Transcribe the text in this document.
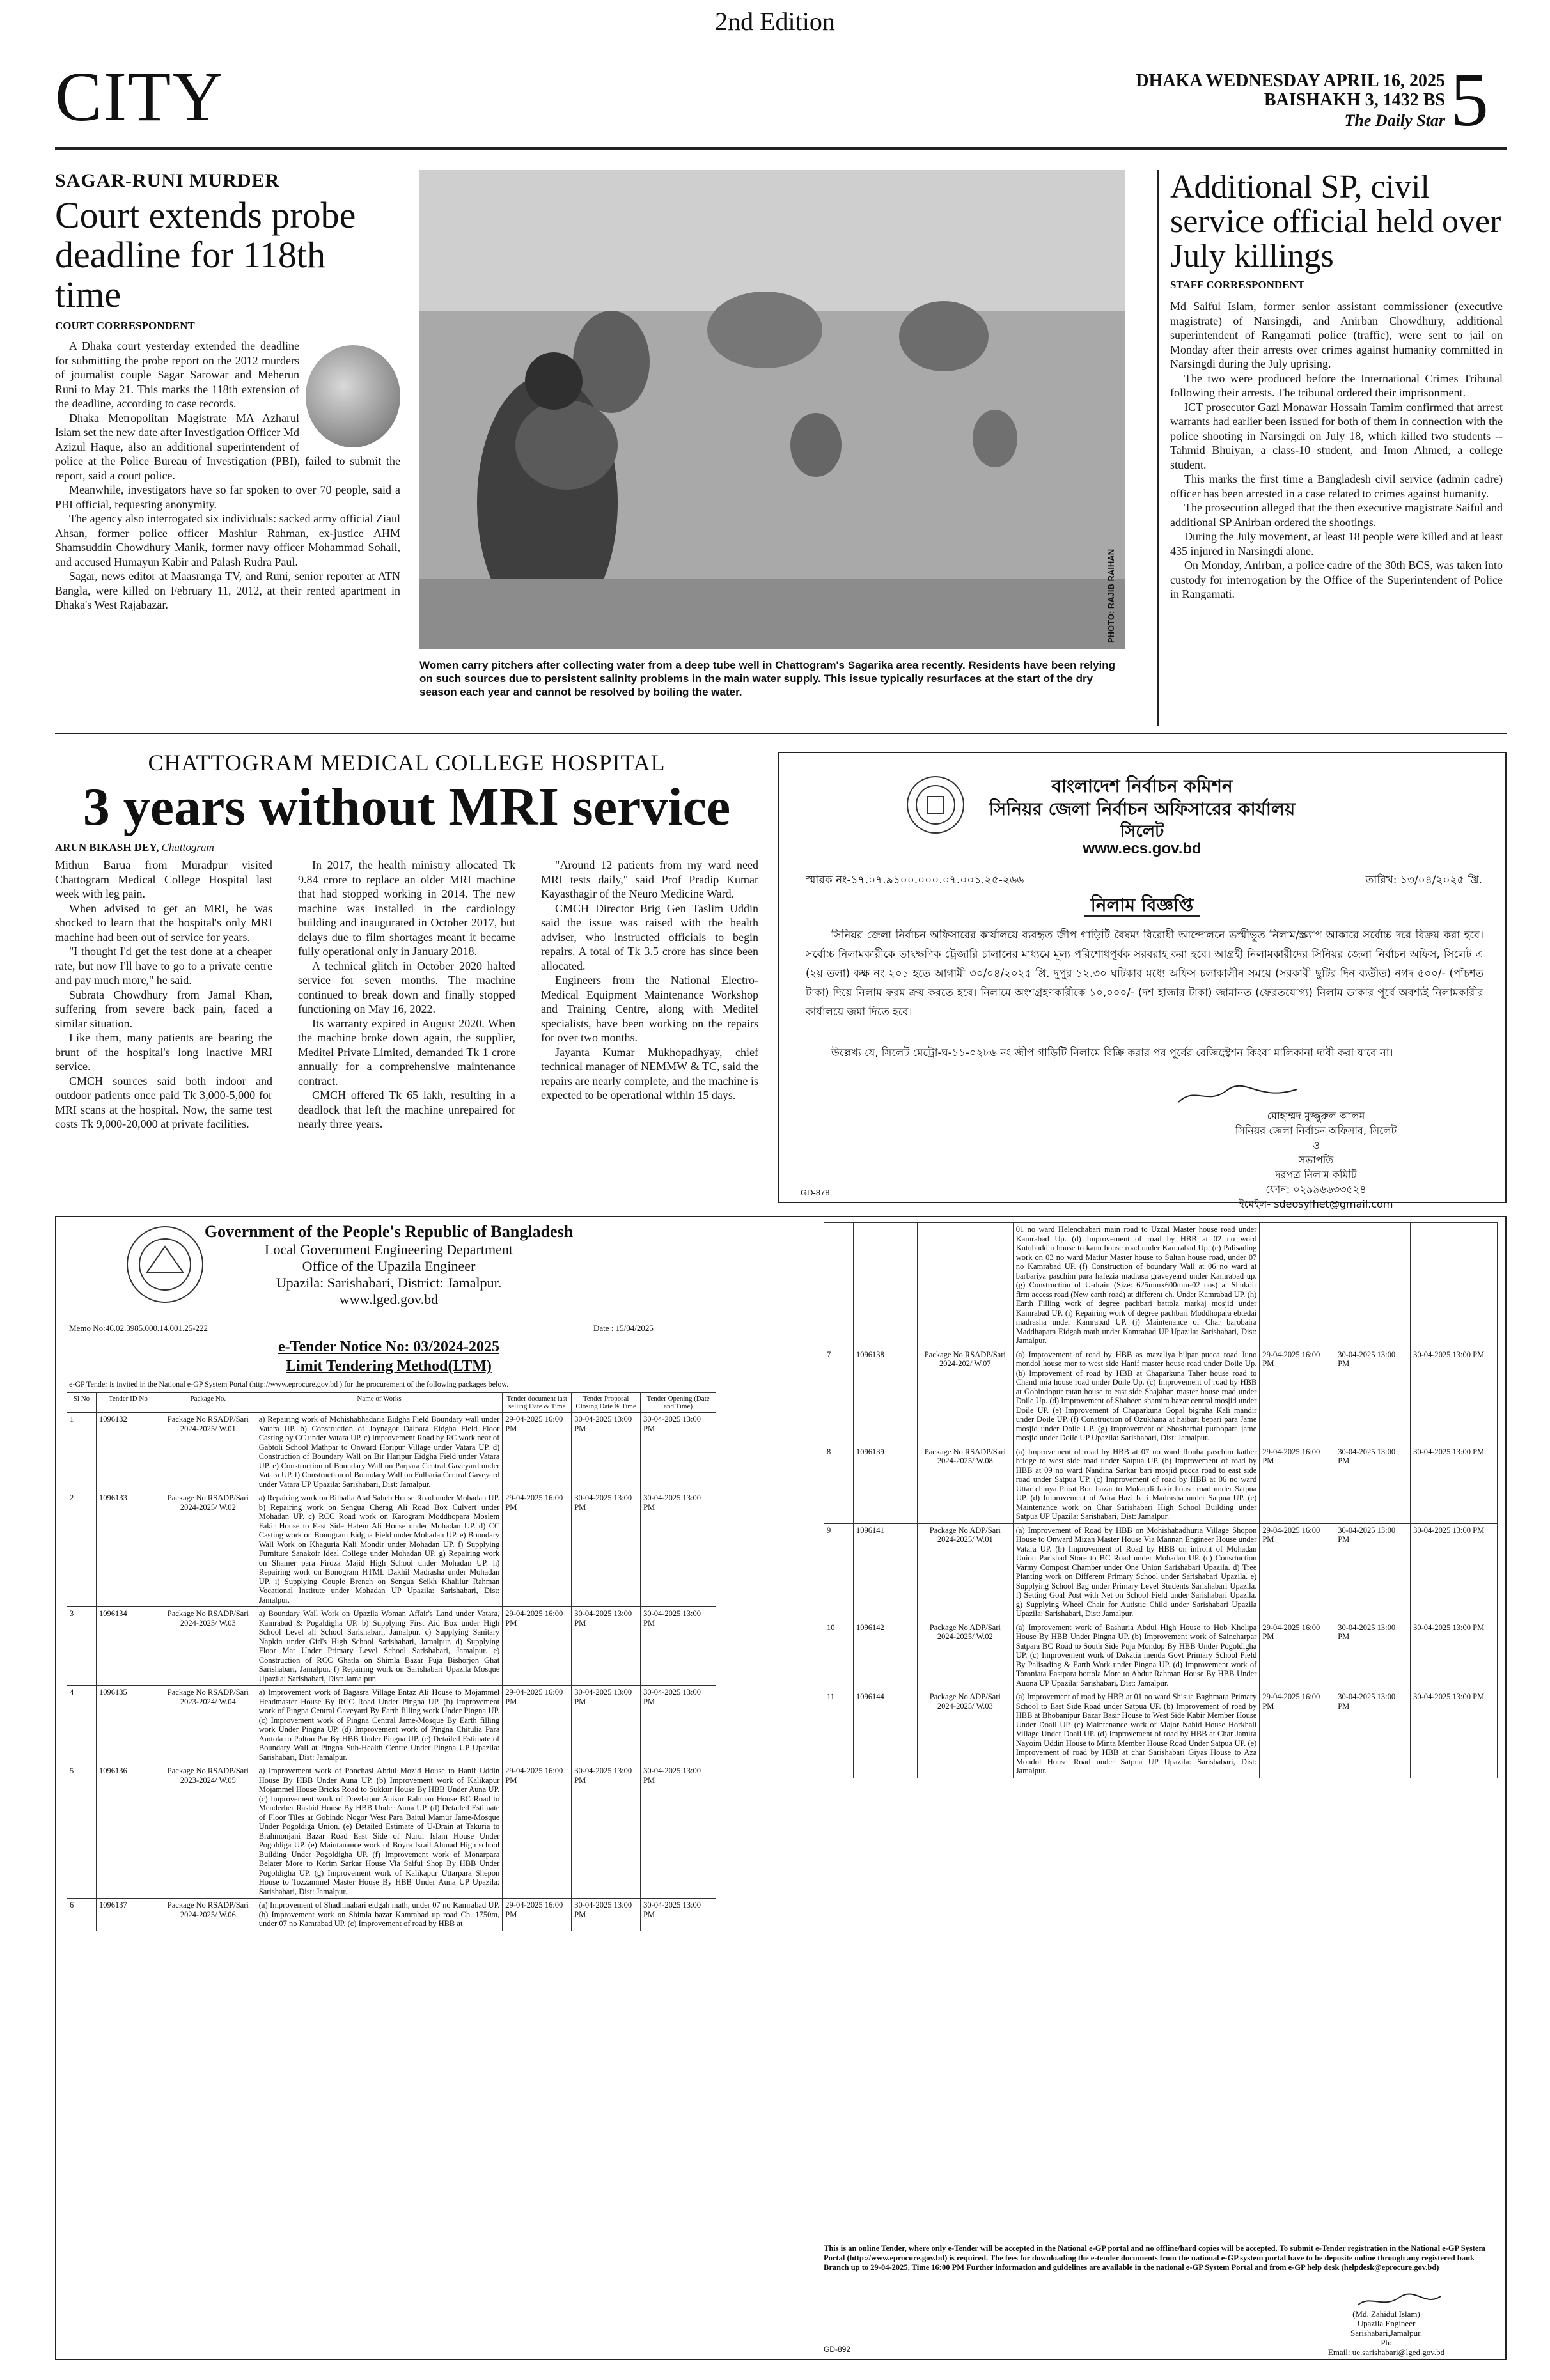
2nd Edition
CITY	DHAKA WEDNESDAY APRIL 16, 2025
BAISHAKH 3, 1432 BS
The Daily Star 5
SAGAR-RUNI MURDER
Court extends probe deadline for 118th time
COURT CORRESPONDENT

A Dhaka court yesterday extended the deadline for submitting the probe report on the 2012 murders of journalist couple Sagar Sarowar and Meherun Runi to May 21. This marks the 118th extension of the deadline, according to case records.

Dhaka Metropolitan Magistrate MA Azharul Islam set the new date after Investigation Officer Md Azizul Haque, also an additional superintendent of police at the Police Bureau of Investigation (PBI), failed to submit the report, said a court police.

Meanwhile, investigators have so far spoken to over 70 people, said a PBI official, requesting anonymity.

The agency also interrogated six individuals: sacked army official Ziaul Ahsan, former police officer Mashiur Rahman, ex-justice AHM Shamsuddin Chowdhury Manik, former navy officer Mohammad Sohail, and accused Humayun Kabir and Palash Rudra Paul.

Sagar, news editor at Maasranga TV, and Runi, senior reporter at ATN Bangla, were killed on February 11, 2012, at their rented apartment in Dhaka's West Rajabazar.	PHOTO: RAJIB RAIHAN
Women carry pitchers after collecting water from a deep tube well in Chattogram's Sagarika area recently. Residents have been relying on such sources due to persistent salinity problems in the main water supply. This issue typically resurfaces at the start of the dry season each year and cannot be resolved by boiling the water.
Additional SP, civil service official held over July killings
STAFF CORRESPONDENT

Md Saiful Islam, former senior assistant commissioner (executive magistrate) of Narsingdi, and Anirban Chowdhury, additional superintendent of Rangamati police (traffic), were sent to jail on Monday after their arrests over crimes against humanity committed in Narsingdi during the July uprising.

The two were produced before the International Crimes Tribunal following their arrests. The tribunal ordered their imprisonment.

ICT prosecutor Gazi Monawar Hossain Tamim confirmed that arrest warrants had earlier been issued for both of them in connection with the police shooting in Narsingdi on July 18, which killed two students -- Tahmid Bhuiyan, a class-10 student, and Imon Ahmed, a college student.

This marks the first time a Bangladesh civil service (admin cadre) officer has been arrested in a case related to crimes against humanity.

The prosecution alleged that the then executive magistrate Saiful and additional SP Anirban ordered the shootings.

During the July movement, at least 18 people were killed and at least 435 injured in Narsingdi alone.

On Monday, Anirban, a police cadre of the 30th BCS, was taken into custody for interrogation by the Office of the Superintendent of Police in Rangamati.

CHATTOGRAM MEDICAL COLLEGE HOSPITAL
3 years without MRI service
ARUN BIKASH DEY, Chattogram

Mithun Barua from Muradpur visited Chattogram Medical College Hospital last week with leg pain.

When advised to get an MRI, he was shocked to learn that the hospital's only MRI machine had been out of service for years.

"I thought I'd get the test done at a cheaper rate, but now I'll have to go to a private centre and pay much more," he said.

Subrata Chowdhury from Jamal Khan, suffering from severe back pain, faced a similar situation.

Like them, many patients are bearing the brunt of the hospital's long inactive MRI service.

CMCH sources said both indoor and outdoor patients once paid Tk 3,000-5,000 for MRI scans at the hospital. Now, the same test costs Tk 9,000-20,000 at private facilities.

In 2017, the health ministry allocated Tk 9.84 crore to replace an older MRI machine that had stopped working in 2014. The new machine was installed in the cardiology building and inaugurated in October 2017, but delays due to film shortages meant it became fully operational only in January 2018.

A technical glitch in October 2020 halted service for seven months. The machine continued to break down and finally stopped functioning on May 16, 2022.

Its warranty expired in August 2020. When the machine broke down again, the supplier, Meditel Private Limited, demanded Tk 1 crore annually for a comprehensive maintenance contract.

CMCH offered Tk 65 lakh, resulting in a deadlock that left the machine unrepaired for nearly three years.

"Around 12 patients from my ward need MRI tests daily," said Prof Pradip Kumar Kayasthagir of the Neuro Medicine Ward.

CMCH Director Brig Gen Taslim Uddin said the issue was raised with the health adviser, who instructed officials to begin repairs. A total of Tk 3.5 crore has since been allocated.

Engineers from the National Electro-Medical Equipment Maintenance Workshop and Training Centre, along with Meditel specialists, have been working on the repairs for over two months.

Jayanta Kumar Mukhopadhyay, chief technical manager of NEMMW & TC, said the repairs are nearly complete, and the machine is expected to be operational within 15 days.

বাংলাদেশ নির্বাচন কমিশন
সিনিয়র জেলা নির্বাচন অফিসারের কার্যালয়
সিলেট
www.ecs.gov.bd
স্মারক নং-১৭.০৭.৯১০০.০০০.০৭.০০১.২৫-২৬৬	তারিখ: ১৩/০৪/২০২৫ খ্রি.
নিলাম বিজ্ঞপ্তি
সিনিয়র জেলা নির্বাচন অফিসারের কার্যালয়ে ব্যবহৃত জীপ গাড়িটি বৈষম্য বিরোধী আন্দোলনে ভস্মীভূত নিলাম/স্ক্র্যাপ আকারে সর্বোচ্চ দরে বিক্রয় করা হবে। সর্বোচ্চ নিলামকারীকে তাৎক্ষণিক ট্রেজারি চালানের মাধ্যমে মূল্য পরিশোধপূর্বক সরবরাহ করা হবে। আগ্রহী নিলামকারীদের সিনিয়র জেলা নির্বাচন অফিস, সিলেট এ (২য় তলা) কক্ষ নং ২০১ হতে আগামী ৩০/০৪/২০২৫ খ্রি. দুপুর ১২.৩০ ঘটিকার মধ্যে অফিস চলাকালীন সময়ে (সরকারী ছুটির দিন ব্যতীত) নগদ ৫০০/- (পাঁচশত টাকা) দিয়ে নিলাম ফরম ক্রয় করতে হবে। নিলামে অংশগ্রহণকারীকে ১০,০০০/- (দশ হাজার টাকা) জামানত (ফেরতযোগ্য) নিলাম ডাকার পূর্বে অবশ্যই নিলামকারীর কার্যালয়ে জমা দিতে হবে।
উল্লেখ্য যে, সিলেট মেট্রো-ঘ-১১-০২৮৬ নং জীপ গাড়িটি নিলামে বিক্রি করার পর পূর্বের রেজিস্ট্রেশন কিংবা মালিকানা দাবী করা যাবে না।
মোহাম্মদ মুজ্জুরুল আলম
সিনিয়র জেলা নির্বাচন অফিসার, সিলেট
ও
সভাপতি
দরপত্র নিলাম কমিটি
ফোন: ০২৯৯৬৬৩৩৫২৪
ইমেইল- sdeosylhet@gmail.com
GD-878
Government of the People's Republic of Bangladesh
Local Government Engineering Department
Office of the Upazila Engineer
Upazila: Sarishabari, District: Jamalpur.
www.lged.gov.bd
Memo No:46.02.3985.000.14.001.25-222	Date : 15/04/2025
e-Tender Notice No: 03/2024-2025
Limit Tendering Method(LTM)
e-GP Tender is invited in the National e-GP System Portal (http://www.eprocure.gov.bd ) for the procurement of the following packages below.
Sl No	Tender ID No	Package No.	Name of Works	Tender document last selling Date & Time	Tender Proposal Closing Date & Time	Tender Opening (Date and Time)
1	1096132	Package No RSADP/Sari 2024-2025/ W.01	a) Repairing work of Mohishabhadaria Eidgha Field Boundary wall under Vatara UP. b) Construction of Joynagor Dalpara Eidgha Field Floor Casting by CC under Vatara UP. c) Improvement Road by RC work near of Gabtoli School Mathpar to Onward Horipur Village under Vatara UP. d) Construction of Boundary Wall on Bir Haripur Eidgha Field under Vatara UP. e) Construction of Boundary Wall on Parpara Central Gaveyard under Vatara UP. f) Construction of Boundary Wall on Fulbaria Central Gaveyard under Vatara UP Upazila: Sarishabari, Dist: Jamalpur.	29-04-2025 16:00 PM	30-04-2025 13:00 PM	30-04-2025 13:00 PM
2	1096133	Package No RSADP/Sari 2024-2025/ W.02	a) Repairing work on Bilbalia Ataf Saheb House Road under Mohadan UP. b) Repairing work on Sengua Cherag Ali Road Box Culvert under Mohadan UP. c) RCC Road work on Karogram Moddhopara Moslem Fakir House to East Side Hatem Ali House under Mohadan UP. d) CC Casting work on Bonogram Eidgha Field under Mohadan UP. e) Boundary Wall Work on Khaguria Kali Mondir under Mohadan UP. f) Supplying Furniture Sanakoir Ideal College under Mohadan UP. g) Repairing work on Shamer para Firoza Majid High School under Mohadan UP. h) Repairing work on Bonogram HTML Dakhil Madrasha under Mohadan UP. i) Supplying Couple Brench on Sengua Seikh Khalilur Rahman Vocational Institute under Mohadan UP Upazila: Sarishabari, Dist: Jamalpur.	29-04-2025 16:00 PM	30-04-2025 13:00 PM	30-04-2025 13:00 PM
3	1096134	Package No RSADP/Sari 2024-2025/ W.03	a) Boundary Wall Work on Upazila Woman Affair's Land under Vatara, Kamrabad & Pogaldigha UP. b) Supplying First Aid Box under High School Level all School Sarishabari, Jamalpur. c) Supplying Sanitary Napkin under Girl's High School Sarishabari, Jamalpur. d) Supplying Floor Mat Under Primary Level School Sarishabari, Jamalpur. e) Construction of RCC Ghatla on Shimla Bazar Puja Bishorjon Ghat Sarishabari, Jamalpur. f) Repairing work on Sarishabari Upazila Mosque Upazila: Sarishabari, Dist: Jamalpur.	29-04-2025 16:00 PM	30-04-2025 13:00 PM	30-04-2025 13:00 PM
4	1096135	Package No RSADP/Sari 2023-2024/ W.04	a) Improvement work of Bagasra Village Entaz Ali House to Mojammel Headmaster House By RCC Road Under Pingna UP. (b) Improvement work of Pingna Central Gaveyard By Earth filling work Under Pingna UP. (c) Improvement work of Pingna Central Jame-Mosque By Earth filling work Under Pingna UP. (d) Improvement work of Pingna Chitulia Para Amtola to Polton Par By HBB Under Pingna UP. (e) Detailed Estimate of Boundary Wall at Pingna Sub-Health Centre Under Pingna UP Upazila: Sarishabari, Dist: Jamalpur.	29-04-2025 16:00 PM	30-04-2025 13:00 PM	30-04-2025 13:00 PM
5	1096136	Package No RSADP/Sari 2023-2024/ W.05	a) Improvement work of Ponchasi Abdul Mozid House to Hanif Uddin House By HBB Under Auna UP. (b) Improvement work of Kalikapur Mojammel House Bricks Road to Sukkur House By HBB Under Auna UP. (c) Improvement work of Dowlatpur Anisur Rahman House BC Road to Menderber Rashid House By HBB Under Auna UP. (d) Detailed Estimate of Floor Tiles at Gobindo Nogor West Para Baitul Mamur Jame-Mosque Under Pogoldiga Union. (e) Detailed Estimate of U-Drain at Takuria to Brahmonjani Bazar Road East Side of Nurul Islam House Under Pogoldiga UP. (e) Maintanance work of Boyra Israil Ahmad High school Building Under Pogoldigha UP. (f) Improvement work of Monarpara Belater More to Korim Sarkar House Via Saiful Shop By HBB Under Pogoldigha UP. (g) Improvement work of Kalikapur Uttarpara Shepon House to Tozzammel Master House By HBB Under Auna UP Upazila: Sarishabari, Dist: Jamalpur.	29-04-2025 16:00 PM	30-04-2025 13:00 PM	30-04-2025 13:00 PM
6	1096137	Package No RSADP/Sari 2024-2025/ W.06	(a) Improvement of Shadhinabari eidgah math, under 07 no Kamrabad UP. (b) Improvement work on Shimla bazar Kamrabad up road Ch. 1750m, under 07 no Kamrabad UP. (c) Improvement of road by HBB at	29-04-2025 16:00 PM	30-04-2025 13:00 PM	30-04-2025 13:00 PM
			01 no ward Helenchabari main road to Uzzal Master house road under Kamrabad Up. (d) Improvement of road by HBB at 02 no word Kutubuddin house to kanu house road under Kamrabad Up. (c) Palisading work on 03 no ward Matiur Master house to Sultan house road, under 07 no Kamrabad UP. (f) Construction of boundary Wall at 06 no ward at barbariya paschim para hafezia madrasa graveyeard under Kamrabad up. (g) Construction of U-drain (Size: 625mmx600mm-02 nos) at Shukoir firm access road (New earth road) at different ch. Under Kamrabad UP. (h) Earth Filling work of degree pachbari battola markaj mosjid under Kamrabad UP. (i) Repairing work of degree pachbari Moddhopara ebtedai madrasha under Kamrabad UP. (j) Maintenance of Char barobaira Maddhapara Eidgah math under Kamrabad UP Upazila: Sarishabari, Dist: Jamalpur.			
7	1096138	Package No RSADP/Sari 2024-202/ W.07	(a) Improvement of road by HBB as mazaliya bilpar pucca road Juno mondol house mor to west side Hanif master house road under Doile Up. (b) Improvement of road by HBB at Chaparkuna Taher house road to Chand mia house road under Doile Up. (c) Improvement of road by HBB at Gobindopur ratan house to east side Shajahan master house road under Doile Up. (d) Improvement of Shaheen shamim bazar central mosjid under Doile UP. (e) Improvement of Chaparkuna Gopal bigraha Kali mandir under Doile UP. (f) Construction of Ozukhana at haibari bepari para Jame mosjid under Doile UP. (g) Improvement of Shosharbal purbopara jame mosjid under Doile UP Upazila: Sarishabari, Dist: Jamalpur.	29-04-2025 16:00 PM	30-04-2025 13:00 PM	30-04-2025 13:00 PM
8	1096139	Package No RSADP/Sari 2024-2025/ W.08	(a) Improvement of road by HBB at 07 no ward Rouha paschim kather bridge to west side road under Satpua UP. (b) Improvement of road by HBB at 09 no ward Nandina Sarkar bari mosjid pucca road to east side road under Satpua UP. (c) Improvement of road by HBB at 06 no ward Uttar chinya Purat Bou bazar to Mukandi fakir house road under Satpua UP. (d) Improvement of Adra Hazi bari Madrasha under Satpua UP. (e) Maintenance work on Char Sarishabari High School Building under Satpua UP Upazila: Sarishabari, Dist: Jamalpur.	29-04-2025 16:00 PM	30-04-2025 13:00 PM	30-04-2025 13:00 PM
9	1096141	Package No ADP/Sari 2024-2025/ W.01	(a) Improvement of Road by HBB on Mohishabadhuria Village Shopon House to Onward Mizan Master House Via Mannan Engineer House under Vatara UP. (b) Improvement of Road by HBB on infront of Mohadan Union Parishad Store to BC Road under Mohadan UP. (c) Consrtuction Varmy Compost Chamber under One Union Sarishabari Upazila. d) Tree Planting work on Different Primary School under Sarishabari Upazila. e) Supplying School Bag under Primary Level Students Sarishabari Upazila. f) Setting Goal Post with Net on School Field under Sarishabari Upazila. g) Supplying Wheel Chair for Autistic Child under Sarishabari Upazila Upazila: Sarishabari, Dist: Jamalpur.	29-04-2025 16:00 PM	30-04-2025 13:00 PM	30-04-2025 13:00 PM
10	1096142	Package No ADP/Sari 2024-2025/ W.02	(a) Improvement work of Bashuria Abdul High House to Hob Kholipa House By HBB Under Pingna UP. (b) Improvement work of Saincharpar Satpara BC Road to South Side Puja Mondop By HBB Under Pogoldigha UP. (c) Improvement work of Dakatia menda Govt Primary School Field By Palisading & Earth Work under Pingna UP. (d) Improvement work of Toroniata Eastpara bottola More to Abdur Rahman House By HBB Under Auona UP Upazila: Sarishabari, Dist: Jamalpur.	29-04-2025 16:00 PM	30-04-2025 13:00 PM	30-04-2025 13:00 PM
11	1096144	Package No ADP/Sari 2024-2025/ W.03	(a) Improvement of road by HBB at 01 no ward Shisua Baghmara Primary School to East Side Road under Satpua UP. (b) Improvement of road by HBB at Bhobanipur Bazar Basir House to West Side Kabir Member House Under Doail UP. (c) Maintenance work of Major Nahid House Horkhali Village Under Doail UP. (d) Improvement of road by HBB at Char Jamira Nayoim Uddin House to Minta Member House Road Under Satpua UP. (e) Improvement of road by HBB at char Sarishabari Giyas House to Aza Mondol House Road under Satpua UP Upazila: Sarishabari, Dist: Jamalpur.	29-04-2025 16:00 PM	30-04-2025 13:00 PM	30-04-2025 13:00 PM
This is an online Tender, where only e-Tender will be accepted in the National e-GP portal and no offline/hard copies will be accepted. To submit e-Tender registration in the National e-GP System Portal (http://www.eprocure.gov.bd) is required. The fees for downloading the e-tender documents from the national e-GP system portal have to be deposite online through any registered bank Branch up to 29-04-2025, Time 16:00 PM Further information and guidelines are available in the national e-GP System Portal and from e-GP help desk (helpdesk@eprocure.gov.bd)
(Md. Zahidul Islam)
Upazila Engineer
Sarishabari,Jamalpur.
Ph:
Email: ue.sarishabari@lged.gov.bd
GD-892
